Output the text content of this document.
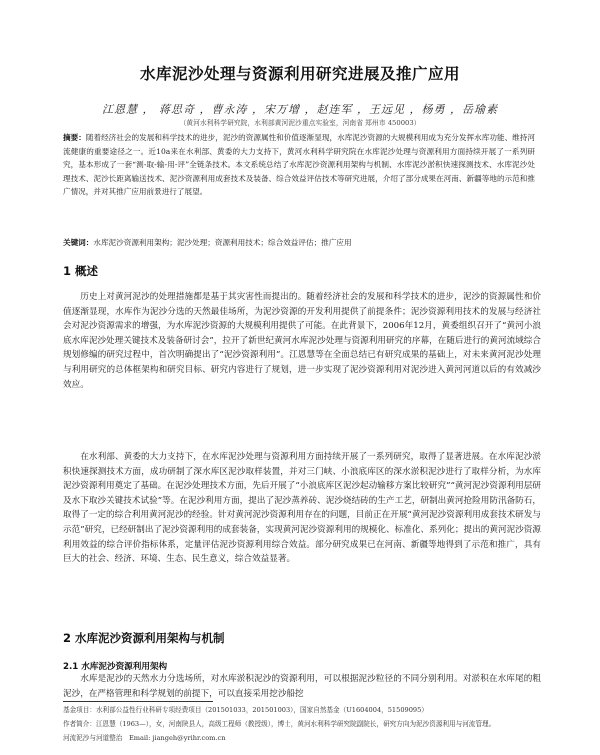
水库泥沙处理与资源利用研究进展及推广应用
江恩慧 ， 蒋思奇 ，曹永涛 ，宋万增 ，赵连军 ，王远见 ，杨勇 ，岳瑜素
（黄河水利科学研究院，水利部黄河泥沙重点实验室，河南省 郑州市 450003）
摘要：随着经济社会的发展和科学技术的进步，泥沙的资源属性和价值逐渐显现，水库泥沙资源的大规模利用成为充分发挥水库功能、维持河流健康的重要途径之一。近10a来在水利部、黄委的大力支持下，黄河水利科学研究院在水库泥沙处理与资源利用方面持续开展了一系列研究，基本形成了一套“测-取-输-用-评”全链条技术。本文系统总结了水库泥沙资源利用架构与机制、水库泥沙淤积快速探测技术、水库泥沙处理技术、泥沙长距离输送技术、泥沙资源利用成套技术及装备、综合效益评估技术等研究进展，介绍了部分成果在河南、新疆等地的示范和推广情况，并对其推广应用前景进行了展望。
关键词：水库泥沙资源利用架构；泥沙处理；资源利用技术；综合效益评估；推广应用
1 概述

历史上对黄河泥沙的处理措施都是基于其灾害性而提出的。随着经济社会的发展和科学技术的进步，泥沙的资源属性和价值逐渐显现，水库作为泥沙分选的天然最佳场所，为泥沙资源的开发利用提供了前提条件；泥沙资源利用技术的发展与经济社会对泥沙资源需求的增强，为水库泥沙资源的大规模利用提供了可能。在此背景下，2006年12月，黄委组织召开了“黄河小浪底水库泥沙处理关键技术及装备研讨会”，拉开了新世纪黄河水库泥沙处理与资源利用研究的序幕，在随后进行的黄河流域综合规划修编的研究过程中，首次明确提出了“泥沙资源利用”。江恩慧等在全面总结已有研究成果的基础上，对未来黄河泥沙处理与利用研究的总体框架构和研究目标、研究内容进行了规划，进一步实现了泥沙资源利用对泥沙进入黄河河道以后的有效减沙效应。

在水利部、黄委的大力支持下，在水库泥沙处理与资源利用方面持续开展了一系列研究，取得了显著进展。在水库泥沙淤积快速探测技术方面，成功研制了深水库区泥沙取样装置，并对三门峡、小浪底库区的深水淤积泥沙进行了取样分析，为水库泥沙资源利用奠定了基础。在泥沙处理技术方面，先后开展了“小浪底库区泥沙起动输移方案比较研究”“黄河泥沙资源利用层研及水下取沙关键技术试验”等。在泥沙利用方面，提出了泥沙蒸养砖、泥沙烧结砖的生产工艺，研制出黄河抢险用防汛备防石，取得了一定的综合利用黄河泥沙的经验。针对黄河泥沙资源利用存在的问题，目前正在开展“黄河泥沙资源利用成套技术研发与示范”研究，已经研制出了泥沙资源利用的成套装备，实现黄河泥沙资源利用的规模化、标准化、系列化；提出的黄河泥沙资源利用效益的综合评价指标体系，定量评估泥沙资源利用综合效益。部分研究成果已在河南、新疆等地得到了示范和推广，具有巨大的社会、经济、环境、生态、民生意义，综合效益显著。

2 水库泥沙资源利用架构与机制
2.1 水库泥沙资源利用架构

水库是泥沙的天然水力分选场所，对水库淤积泥沙的资源利用，可以根据泥沙粒径的不同分别利用。对淤积在水库尾的粗泥沙，在严格管理和科学规划的前提下，可以直接采用挖沙船挖

基金项目：水利部公益性行业科研专项经费项目（201501033，201501003），国家自然基金（U1604004，51509095）
作者简介：江恩慧（1963—），女，河南陕县人，高级工程师（教授级），博士，黄河水利科学研究院副院长，研究方向为泥沙资源利用与河流管理。
河流泥沙与河道整治　 Email: jiangeh@yrihr.com.cn
